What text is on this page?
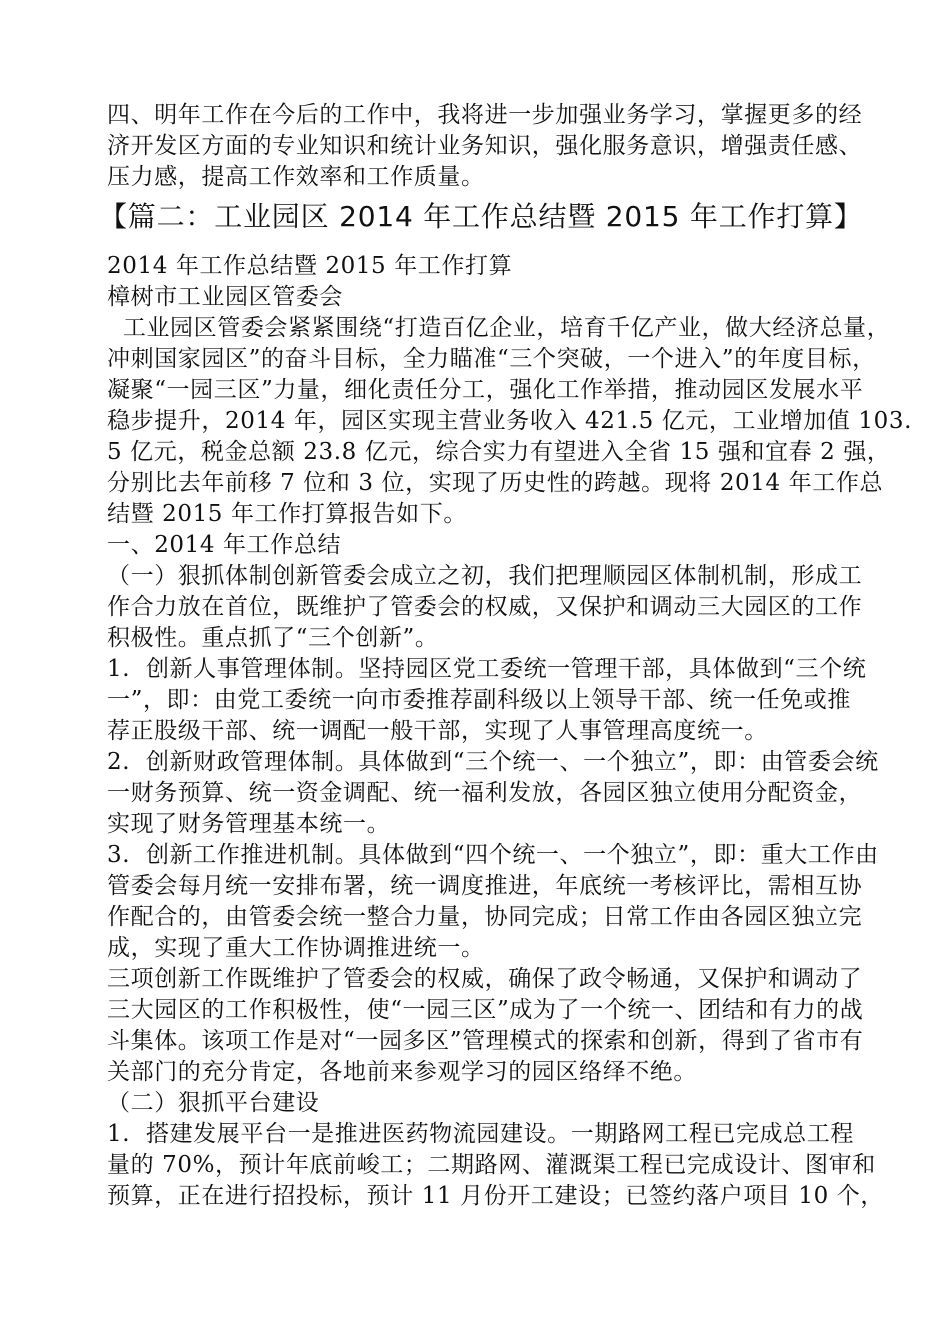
四、明年工作在今后的工作中，我将进一步加强业务学习，掌握更多的经
济开发区方面的专业知识和统计业务知识，强化服务意识，增强责任感、
压力感，提高工作效率和工作质量。
【篇二：工业园区 2014 年工作总结暨 2015 年工作打算】
2014 年工作总结暨 2015 年工作打算
樟树市工业园区管委会
工业园区管委会紧紧围绕“打造百亿企业，培育千亿产业，做大经济总量，
冲刺国家园区”的奋斗目标，全力瞄准“三个突破，一个进入”的年度目标，
凝聚“一园三区”力量，细化责任分工，强化工作举措，推动园区发展水平
稳步提升，2014 年，园区实现主营业务收入 421.5 亿元，工业增加值 103.
5 亿元，税金总额 23.8 亿元，综合实力有望进入全省 15 强和宜春 2 强，
分别比去年前移 7 位和 3 位，实现了历史性的跨越。现将 2014 年工作总
结暨 2015 年工作打算报告如下。
一、2014 年工作总结
（一）狠抓体制创新管委会成立之初，我们把理顺园区体制机制，形成工
作合力放在首位，既维护了管委会的权威，又保护和调动三大园区的工作
积极性。重点抓了“三个创新”。
1.  创新人事管理体制。坚持园区党工委统一管理干部，具体做到“三个统
一”，即：由党工委统一向市委推荐副科级以上领导干部、统一任免或推
荐正股级干部、统一调配一般干部，实现了人事管理高度统一。
2.  创新财政管理体制。具体做到“三个统一、一个独立”，即：由管委会统
一财务预算、统一资金调配、统一福利发放，各园区独立使用分配资金，
实现了财务管理基本统一。
3.  创新工作推进机制。具体做到“四个统一、一个独立”，即：重大工作由
管委会每月统一安排布署，统一调度推进，年底统一考核评比，需相互协
作配合的，由管委会统一整合力量，协同完成；日常工作由各园区独立完
成，实现了重大工作协调推进统一。
三项创新工作既维护了管委会的权威，确保了政令畅通，又保护和调动了
三大园区的工作积极性，使“一园三区”成为了一个统一、团结和有力的战
斗集体。该项工作是对“一园多区”管理模式的探索和创新，得到了省市有
关部门的充分肯定，各地前来参观学习的园区络绎不绝。
（二）狠抓平台建设
1.  搭建发展平台一是推进医药物流园建设。一期路网工程已完成总工程
量的 70%，预计年底前峻工；二期路网、灌溉渠工程已完成设计、图审和
预算，正在进行招投标，预计 11 月份开工建设；已签约落户项目 10 个，
